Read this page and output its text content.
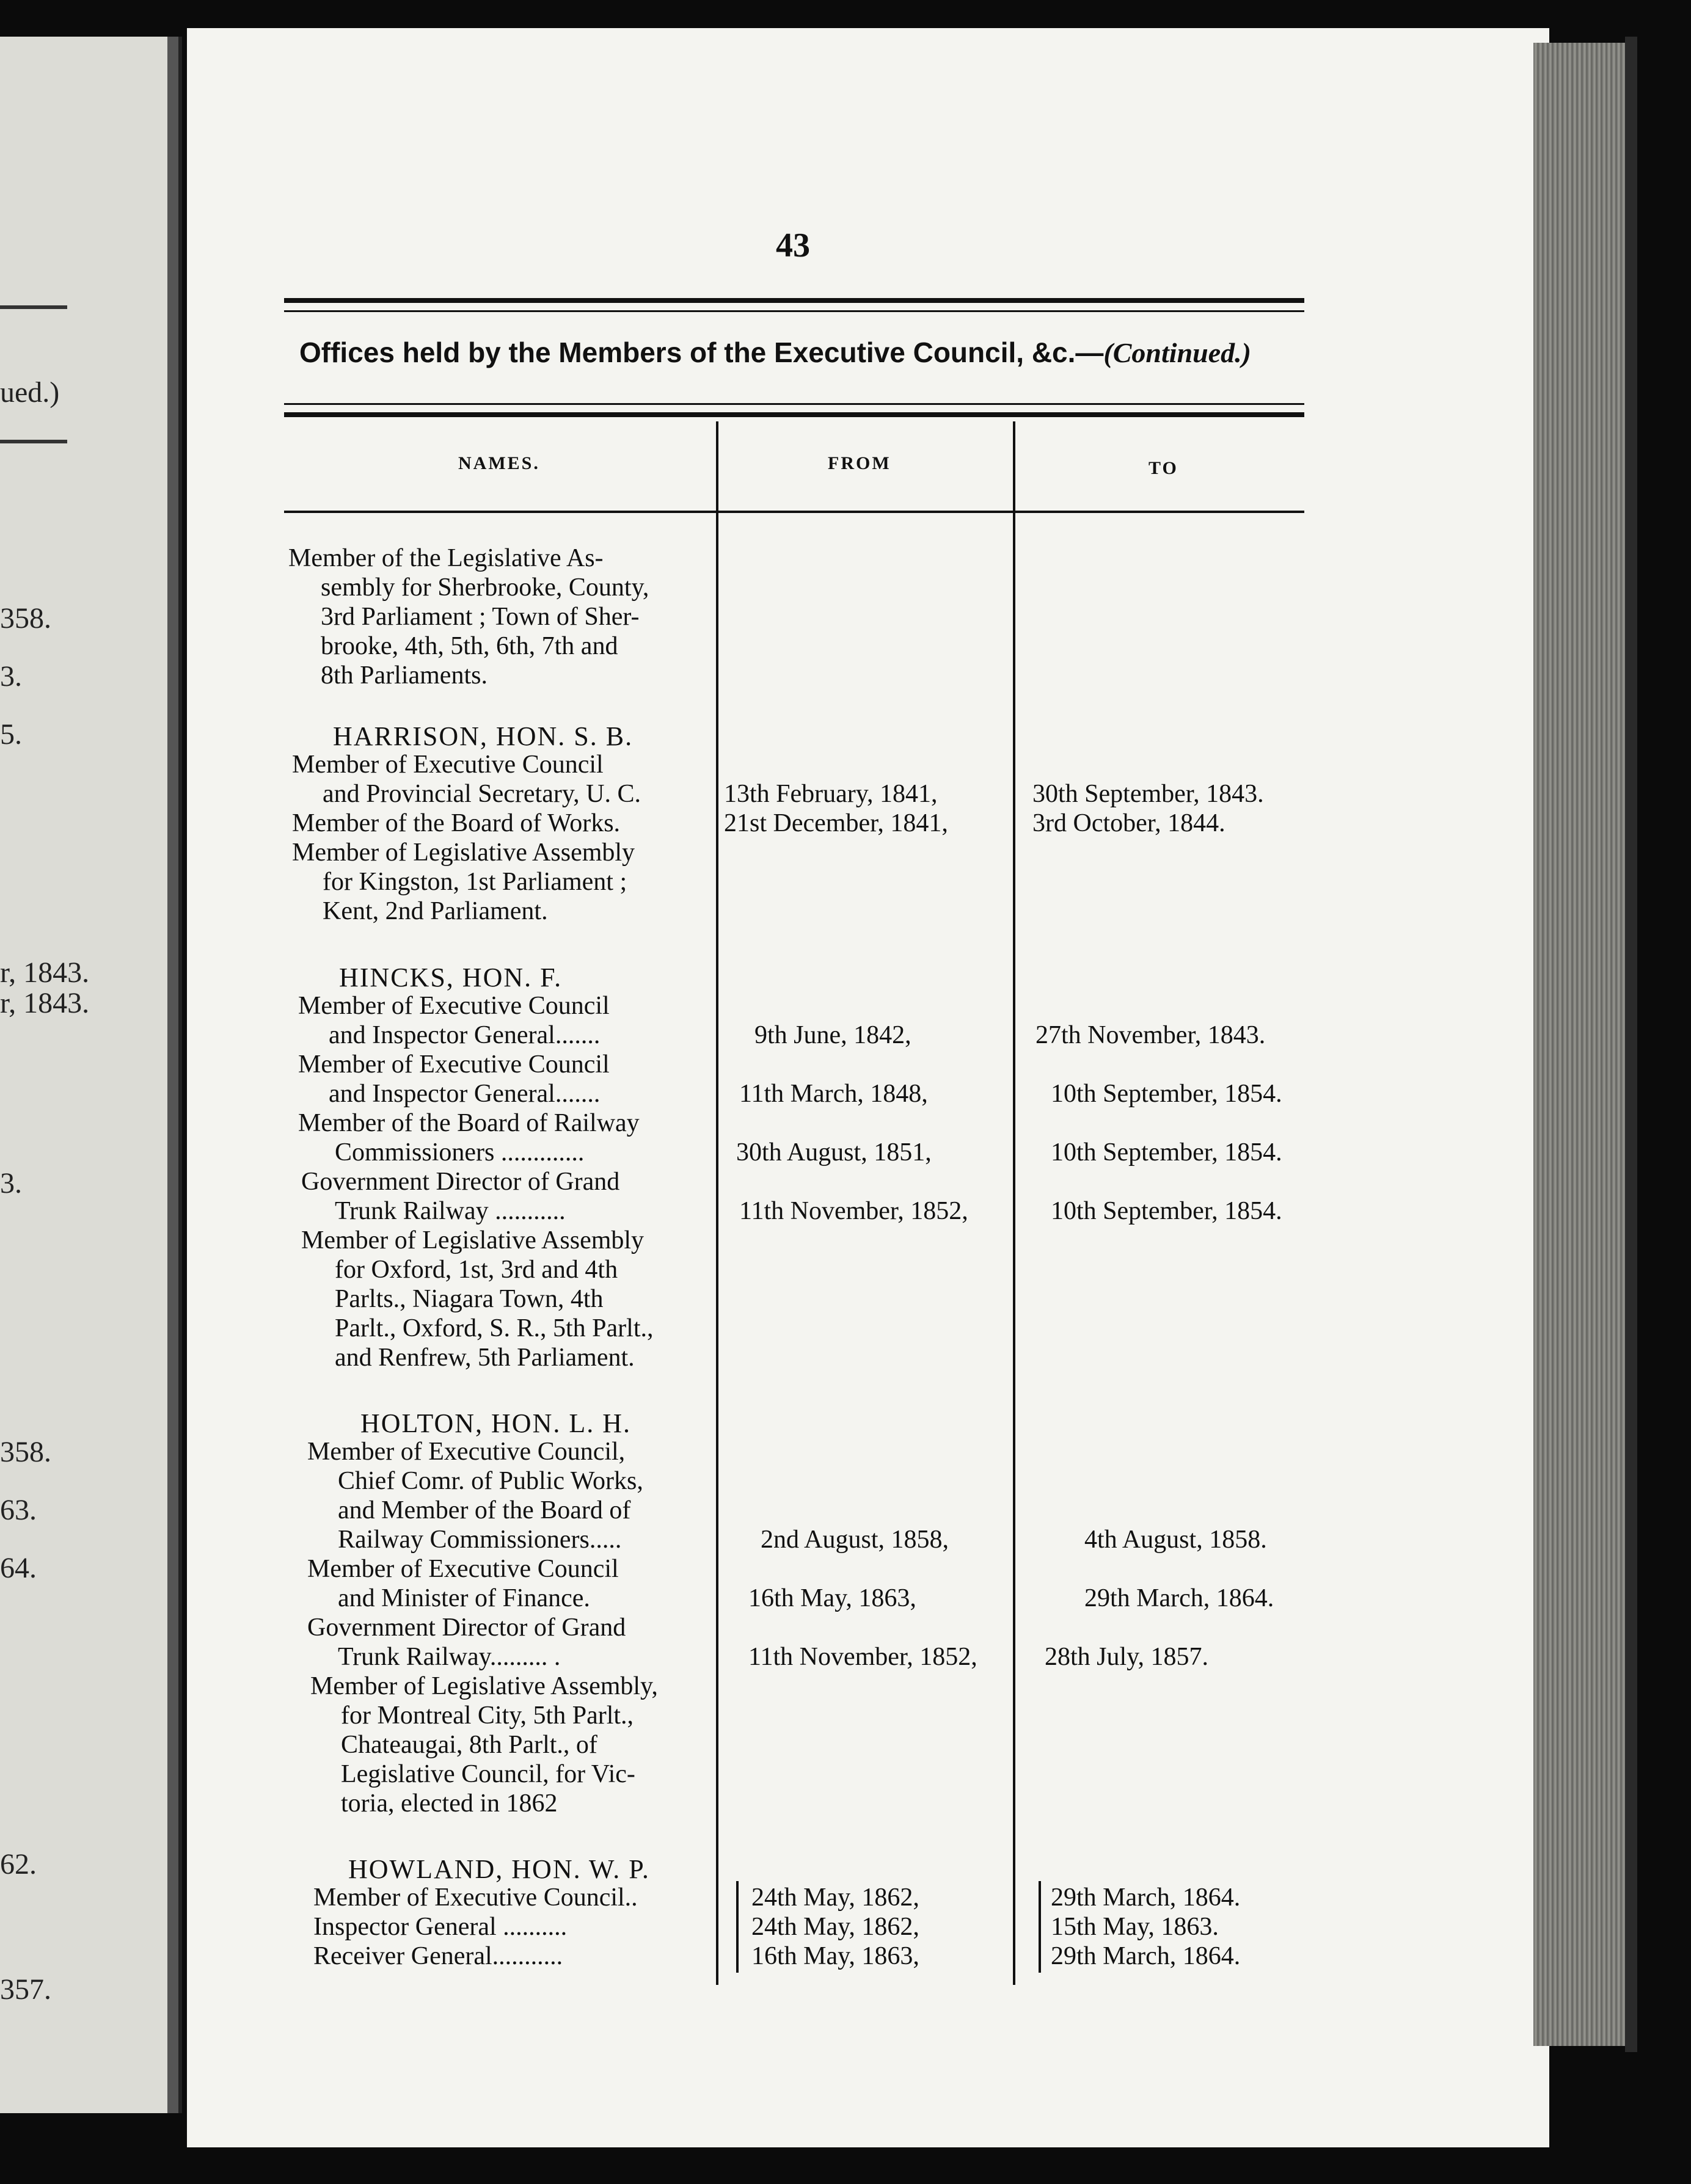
ued.)
358.
3.
5.
r, 1843.
r, 1843.
3.
358.
63.
64.
62.
357.
43
Offices held by the Members of the Executive Council, &c.—(Continued.)
NAMES.	FROM	TO
Member of the Legislative As-
sembly for Sherbrooke, County,
3rd Parliament ; Town of Sher-
brooke, 4th, 5th, 6th, 7th and
8th Parliaments.
HARRISON, HON. S. B.
Member of Executive Council
and Provincial Secretary, U. C.	13th February, 1841,	30th September, 1843.
Member of the Board of Works.	21st December, 1841,	3rd October, 1844.
Member of Legislative Assembly
for Kingston, 1st Parliament ;
Kent, 2nd Parliament.
HINCKS, HON. F.
Member of Executive Council
and Inspector General.......	9th June, 1842,	27th November, 1843.
Member of Executive Council
and Inspector General.......	11th March, 1848,	10th September, 1854.
Member of the Board of Railway
Commissioners .............	30th August, 1851,	10th September, 1854.
Government Director of Grand
Trunk Railway ...........	11th November, 1852,	10th September, 1854.
Member of Legislative Assembly
for Oxford, 1st, 3rd and 4th
Parlts., Niagara Town, 4th
Parlt., Oxford, S. R., 5th Parlt.,
and Renfrew, 5th Parliament.
HOLTON, HON. L. H.
Member of Executive Council,
Chief Comr. of Public Works,
and Member of the Board of
Railway Commissioners.....	2nd August, 1858,	4th August, 1858.
Member of Executive Council
and Minister of Finance.	16th May, 1863,	29th March, 1864.
Government Director of Grand
Trunk Railway......... .	11th November, 1852,	28th July, 1857.
Member of Legislative Assembly,
for Montreal City, 5th Parlt.,
Chateaugai, 8th Parlt., of
Legislative Council, for Vic-
toria, elected in 1862
HOWLAND, HON. W. P.
Member of Executive Council..	24th May, 1862,	29th March, 1864.
Inspector General ..........	24th May, 1862,	15th May, 1863.
Receiver General...........	16th May, 1863,	29th March, 1864.
